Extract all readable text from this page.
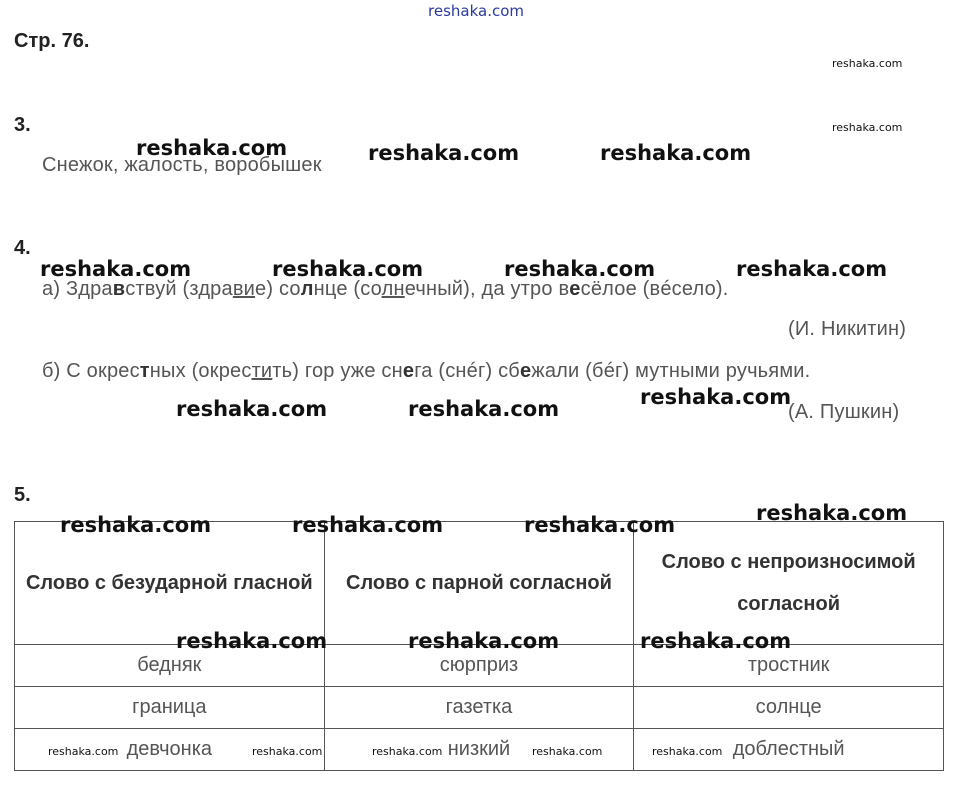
reshaka.com
Стр. 76.
reshaka.com
reshaka.com
3.
Снежок, жалость, воробышек
4.
а) Здравствуй (здравие) солнце (солнечный), да утро весёлое (вéсело).
(И. Никитин)
б) С окрестных (окрестить) гор уже снега (снéг) сбежали (бéг) мутными ручьями.
(А. Пушкин)
5.
Слово с безударной гласной	Слово с парной согласной	Слово с непроизносимой согласной
бедняк	сюрприз	тростник
граница	газетка	солнце
девчонка	низкий	доблестный
reshaka.com	reshaka.com	reshaka.com
reshaka.com	reshaka.com	reshaka.com	reshaka.com
reshaka.com	reshaka.com	reshaka.com
reshaka.com
reshaka.com	reshaka.com	reshaka.com
reshaka.com	reshaka.com	reshaka.com
reshaka.com	reshaka.com	reshaka.com	reshaka.com	reshaka.com
